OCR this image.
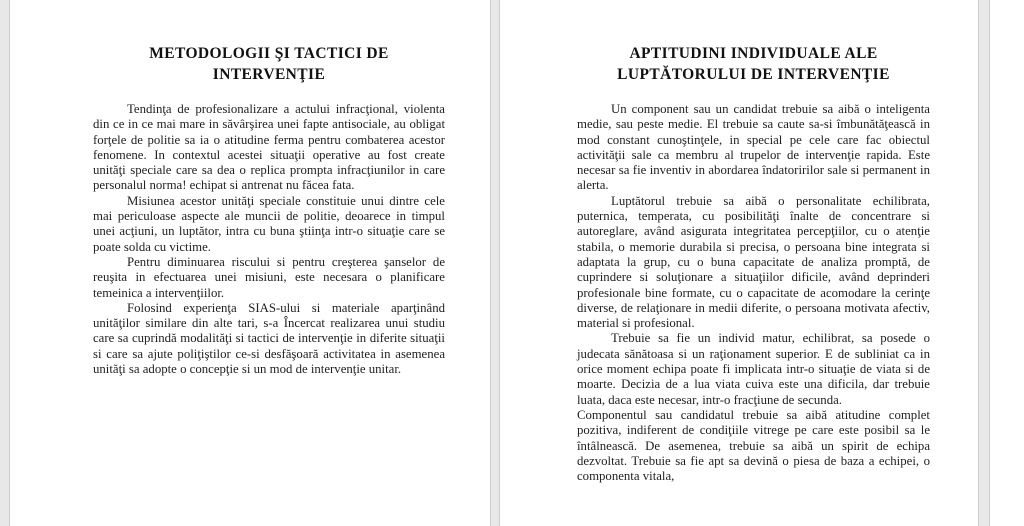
METODOLOGII ŞI TACTICI DE
INTERVENŢIE

Tendinţa de profesionalizare a actului infracţional, violenta din ce in ce mai mare in săvârşirea unei fapte antisociale, au obligat forţele de politie sa ia o atitudine ferma pentru combaterea acestor fenomene. In contextul acestei situaţii operative au fost create unităţi speciale care sa dea o replica prompta infracţiunilor in care personalul norma! echipat si antrenat nu făcea fata.

Misiunea acestor unităţi speciale constituie unui dintre cele mai periculoase aspecte ale muncii de politie, deoarece in timpul unei acţiuni, un luptător, intra cu buna ştiinţa intr-o situaţie care se poate solda cu victime.

Pentru diminuarea riscului si pentru creşterea şanselor de reuşita in efectuarea unei misiuni, este necesara o planificare temeinica a intervenţiilor.

Folosind experienţa SIAS-ului si materiale aparţinând unităţilor similare din alte tari, s-a Încercat realizarea unui studiu care sa cuprindă modalităţi si tactici de intervenţie in diferite situaţii si care sa ajute poliţiştilor ce-si desfăşoară activitatea in asemenea unităţi sa adopte o concepţie si un mod de intervenţie unitar.

APTITUDINI INDIVIDUALE ALE
LUPTĂTORULUI DE INTERVENŢIE

Un component sau un candidat trebuie sa aibă o inteligenta medie, sau peste medie. El trebuie sa caute sa-si îmbunătăţească in mod constant cunoştinţele, in special pe cele care fac obiectul activităţii sale ca membru al trupelor de intervenţie rapida. Este necesar sa fie inventiv in abordarea îndatoririlor sale si permanent in alerta.

Luptătorul trebuie sa aibă o personalitate echilibrata, puternica, temperata, cu posibilităţi înalte de concentrare si autoreglare, având asigurata integritatea percepţiilor, cu o atenţie stabila, o memorie durabila si precisa, o persoana bine integrata si adaptata la grup, cu o buna capacitate de analiza promptă, de cuprindere si soluţionare a situaţiilor dificile, având deprinderi profesionale bine formate, cu o capacitate de acomodare la cerinţe diverse, de relaţionare in medii diferite, o persoana motivata afectiv, material si profesional.

Trebuie sa fie un individ matur, echilibrat, sa posede o judecata sănătoasa si un raţionament superior. E de subliniat ca in orice moment echipa poate fi implicata intr-o situaţie de viata si de moarte. Decizia de a lua viata cuiva este una dificila, dar trebuie luata, daca este necesar, intr-o fracţiune de secunda.

Componentul sau candidatul trebuie sa aibă atitudine complet pozitiva, indiferent de condiţiile vitrege pe care este posibil sa le întâlnească. De asemenea, trebuie sa aibă un spirit de echipa dezvoltat. Trebuie sa fie apt sa devină o piesa de baza a echipei, o componenta vitala,
